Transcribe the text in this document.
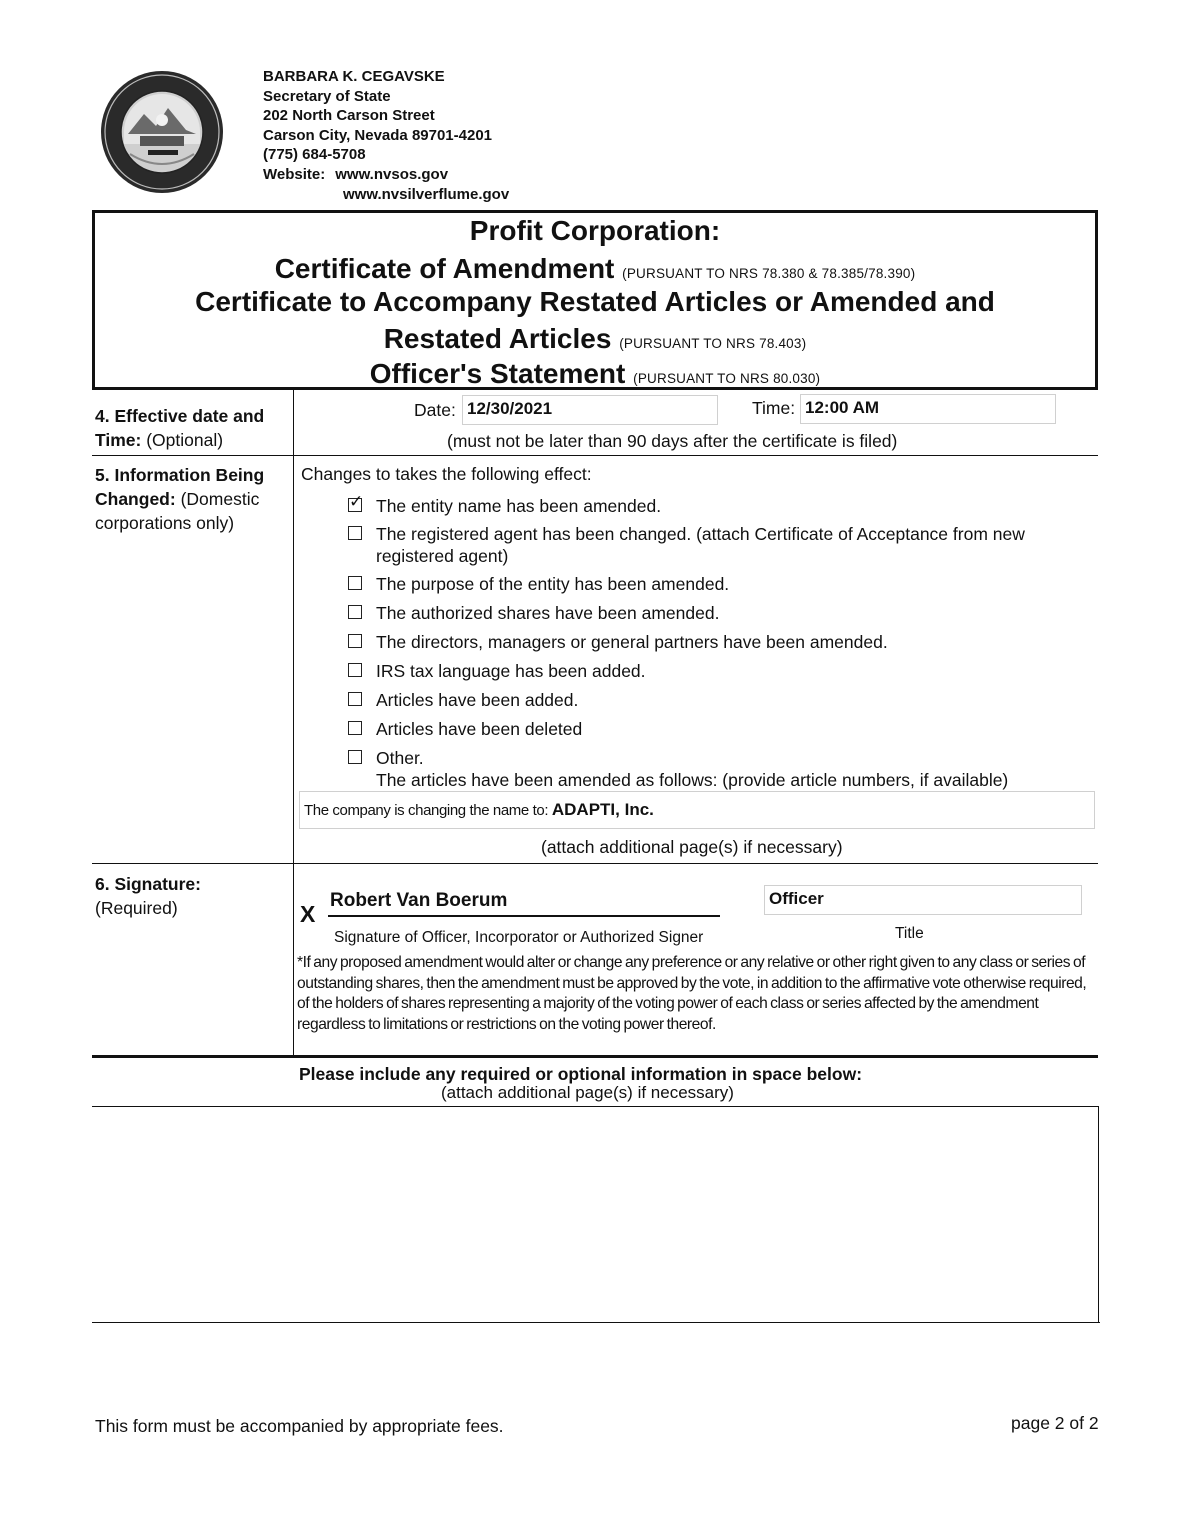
BARBARA K. CEGAVSKE
Secretary of State
202 North Carson Street
Carson City, Nevada 89701-4201
(775) 684-5708
Website: www.nvsos.gov
www.nvsilverflume.gov
Profit Corporation:
Certificate of Amendment (PURSUANT TO NRS 78.380 & 78.385/78.390)
Certificate to Accompany Restated Articles or Amended and
Restated Articles (PURSUANT TO NRS 78.403)
Officer's Statement (PURSUANT TO NRS 80.030)
4. Effective date and
Time: (Optional)
Date: 12/30/2021	Time: 12:00 AM
(must not be later than 90 days after the certificate is filed)
5. Information Being
Changed: (Domestic
corporations only)
Changes to takes the following effect:
✓ The entity name has been amended.
The registered agent has been changed. (attach Certificate of Acceptance from new
registered agent)
The purpose of the entity has been amended.
The authorized shares have been amended.
The directors, managers or general partners have been amended.
IRS tax language has been added.
Articles have been added.
Articles have been deleted
Other.
The articles have been amended as follows: (provide article numbers, if available)
The company is changing the name to: ADAPTI, Inc.
(attach additional page(s) if necessary)
6. Signature:
(Required)	X
Robert Van Boerum	Officer
Signature of Officer, Incorporator or Authorized Signer	Title
*If any proposed amendment would alter or change any preference or any relative or other right given to any class or series of outstanding shares, then the amendment must be approved by the vote, in addition to the affirmative vote otherwise required, of the holders of shares representing a majority of the voting power of each class or series affected by the amendment regardless to limitations or restrictions on the voting power thereof.
Please include any required or optional information in space below:
(attach additional page(s) if necessary)
This form must be accompanied by appropriate fees.	page 2 of 2
